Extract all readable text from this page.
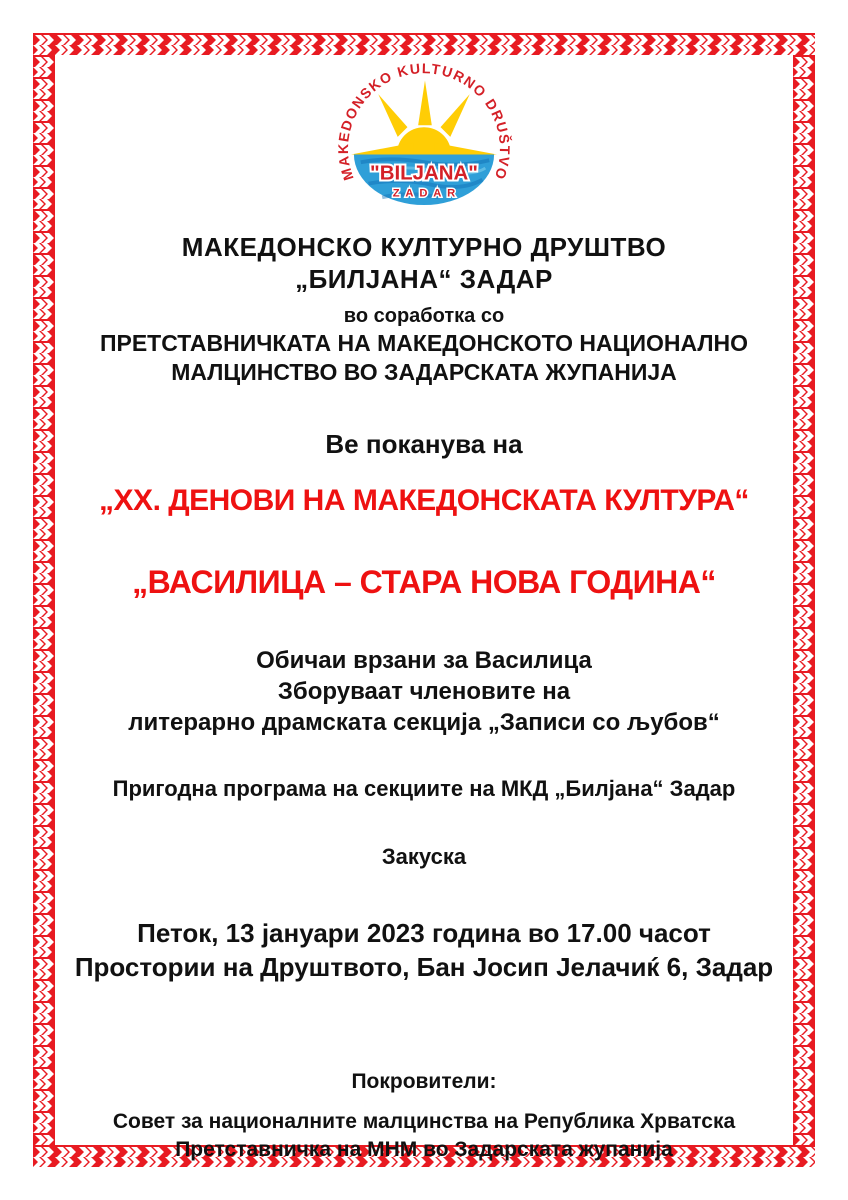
MAKEDONSKO KULTURNO DRUŠTVO
"BILJANA"
ZADAR
МАКЕДОНСКО КУЛТУРНО ДРУШТВО
„БИЛЈАНА“ ЗАДАР
во соработка со
ПРЕТСТАВНИЧКАТА НА МАКЕДОНСКОТО НАЦИОНАЛНО
МАЛЦИНСТВО ВО ЗАДАРСКАТА ЖУПАНИЈА
Ве поканува на
„ХХ. ДЕНОВИ НА МАКЕДОНСКАТА КУЛТУРА“
„ВАСИЛИЦА – СТАРА НОВА ГОДИНА“
Обичаи врзани за Василица
Зборуваат членовите на
литерарно драмската секција „Записи со љубов“
Пригодна програма на секциите на МКД „Билјана“ Задар
Закуска
Петок, 13 јануари 2023 година во 17.00 часот
Простории на Друштвото, Бан Јосип Јелачиќ 6, Задар
Покровители:
Совет за националните малцинства на Република Хрватска
Претставничка на МНМ во Задарската жупанија
